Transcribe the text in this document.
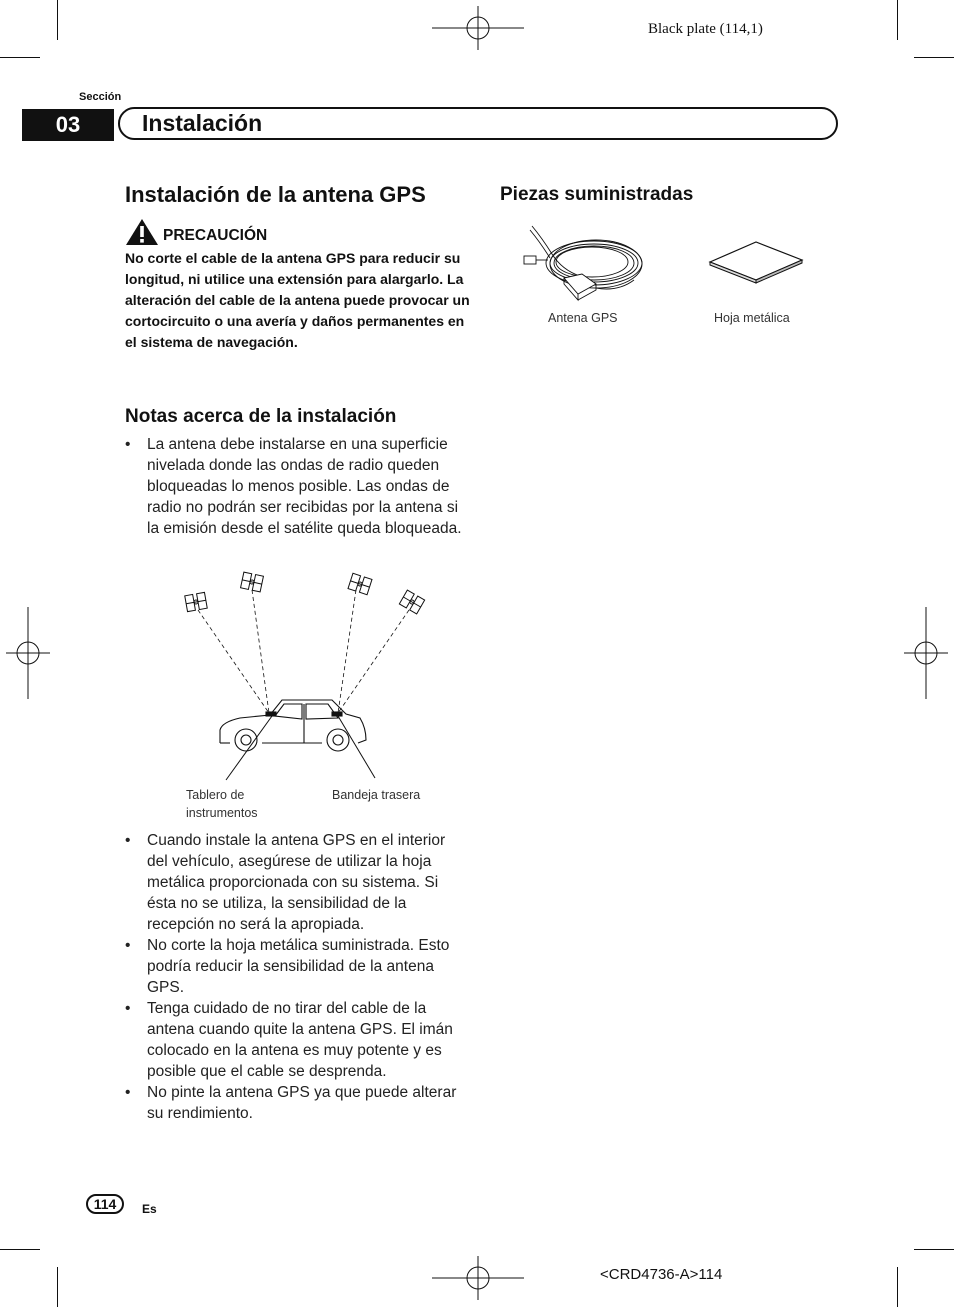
Black plate (114,1)
Sección
03	Instalación
Instalación de la antena GPS
PRECAUCIÓN
No corte el cable de la antena GPS para reducir su longitud, ni utilice una extensión para alargarlo. La alteración del cable de la antena puede provocar un cortocircuito o una avería y daños permanentes en el sistema de navegación.
Notas acerca de la instalación
• La antena debe instalarse en una superficie nivelada donde las ondas de radio queden bloqueadas lo menos posible. Las ondas de radio no podrán ser recibidas por la antena si la emisión desde el satélite queda bloqueada.
Tablero de instrumentos
Bandeja trasera
• Cuando instale la antena GPS en el interior del vehículo, asegúrese de utilizar la hoja metálica proporcionada con su sistema. Si ésta no se utiliza, la sensibilidad de la recepción no será la apropiada.
• No corte la hoja metálica suministrada. Esto podría reducir la sensibilidad de la antena GPS.
• Tenga cuidado de no tirar del cable de la antena cuando quite la antena GPS. El imán colocado en la antena es muy potente y es posible que el cable se desprenda.
• No pinte la antena GPS ya que puede alterar su rendimiento.
Piezas suministradas
Antena GPS	Hoja metálica
114	Es
<CRD4736-A>114
